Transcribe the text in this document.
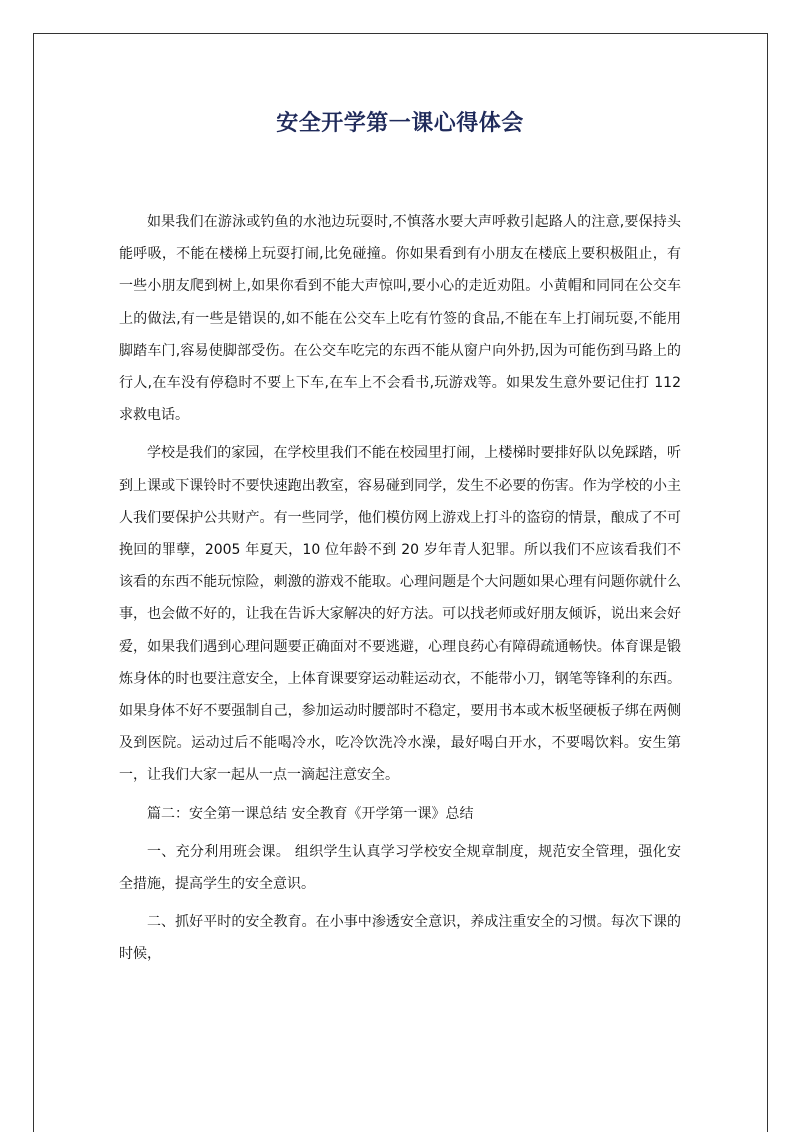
安全开学第一课心得体会

如果我们在游泳或钓鱼的水池边玩耍时,不慎落水要大声呼救引起路人的注意,要保持头能呼吸，不能在楼梯上玩耍打闹,比免碰撞。你如果看到有小朋友在楼底上要积极阻止，有一些小朋友爬到树上,如果你看到不能大声惊叫,要小心的走近劝阻。小黄帽和同同在公交车上的做法,有一些是错误的,如不能在公交车上吃有竹签的食品,不能在车上打闹玩耍,不能用脚踏车门,容易使脚部受伤。在公交车吃完的东西不能从窗户向外扔,因为可能伤到马路上的行人,在车没有停稳时不要上下车,在车上不会看书,玩游戏等。如果发生意外要记住打 112 求救电话。

学校是我们的家园，在学校里我们不能在校园里打闹，上楼梯时要排好队以免踩踏，听到上课或下课铃时不要快速跑出教室，容易碰到同学，发生不必要的伤害。作为学校的小主人我们要保护公共财产。有一些同学，他们模仿网上游戏上打斗的盗窃的情景，酿成了不可挽回的罪孽，2005 年夏天，10 位年龄不到 20 岁年青人犯罪。所以我们不应该看我们不该看的东西不能玩惊险，刺激的游戏不能取。心理问题是个大问题如果心理有问题你就什么事，也会做不好的，让我在告诉大家解决的好方法。可以找老师或好朋友倾诉，说出来会好爱，如果我们遇到心理问题要正确面对不要逃避，心理良药心有障碍疏通畅快。体育课是锻炼身体的时也要注意安全，上体育课要穿运动鞋运动衣，不能带小刀，钢笔等锋利的东西。如果身体不好不要强制自己，参加运动时腰部时不稳定，要用书本或木板坚硬板子绑在两侧及到医院。运动过后不能喝冷水，吃冷饮洗冷水澡，最好喝白开水，不要喝饮料。安生第一，让我们大家一起从一点一滴起注意安全。

篇二：安全第一课总结 安全教育《开学第一课》总结

一、充分利用班会课。 组织学生认真学习学校安全规章制度，规范安全管理，强化安全措施，提高学生的安全意识。

二、抓好平时的安全教育。在小事中渗透安全意识，养成注重安全的习惯。每次下课的时候，
